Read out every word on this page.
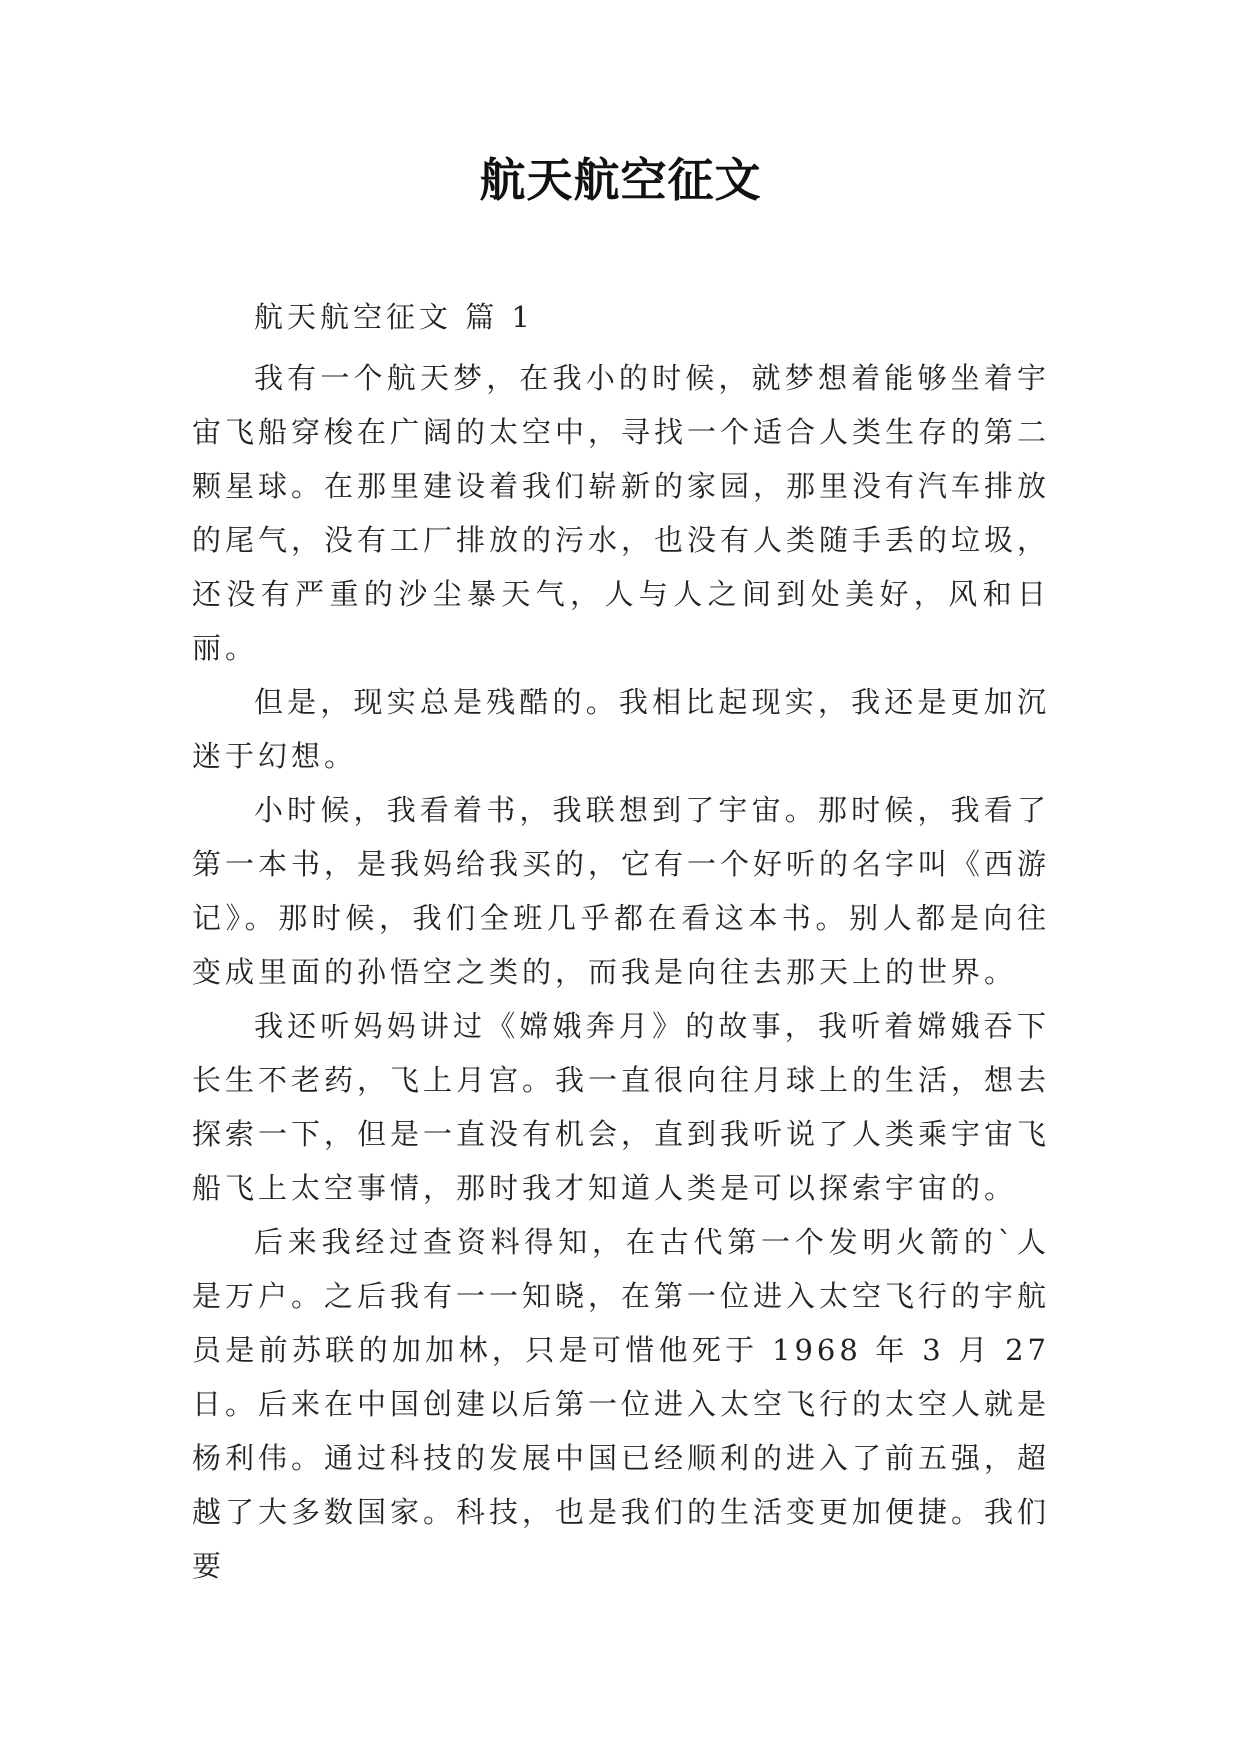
航天航空征文

航天航空征文 篇 1

我有一个航天梦，在我小的时候，就梦想着能够坐着宇宙飞船穿梭在广阔的太空中，寻找一个适合人类生存的第二颗星球。在那里建设着我们崭新的家园，那里没有汽车排放的尾气，没有工厂排放的污水，也没有人类随手丢的垃圾，还没有严重的沙尘暴天气，人与人之间到处美好，风和日丽。

但是，现实总是残酷的。我相比起现实，我还是更加沉迷于幻想。

小时候，我看着书，我联想到了宇宙。那时候，我看了第一本书，是我妈给我买的，它有一个好听的名字叫《西游记》。那时候，我们全班几乎都在看这本书。别人都是向往变成里面的孙悟空之类的，而我是向往去那天上的世界。

我还听妈妈讲过《嫦娥奔月》的故事，我听着嫦娥吞下长生不老药，飞上月宫。我一直很向往月球上的生活，想去探索一下，但是一直没有机会，直到我听说了人类乘宇宙飞船飞上太空事情，那时我才知道人类是可以探索宇宙的。

后来我经过查资料得知，在古代第一个发明火箭的`人是万户。之后我有一一知晓，在第一位进入太空飞行的宇航员是前苏联的加加林，只是可惜他死于 1968 年 3 月 27 日。后来在中国创建以后第一位进入太空飞行的太空人就是杨利伟。通过科技的发展中国已经顺利的进入了前五强，超越了大多数国家。科技，也是我们的生活变更加便捷。我们要
